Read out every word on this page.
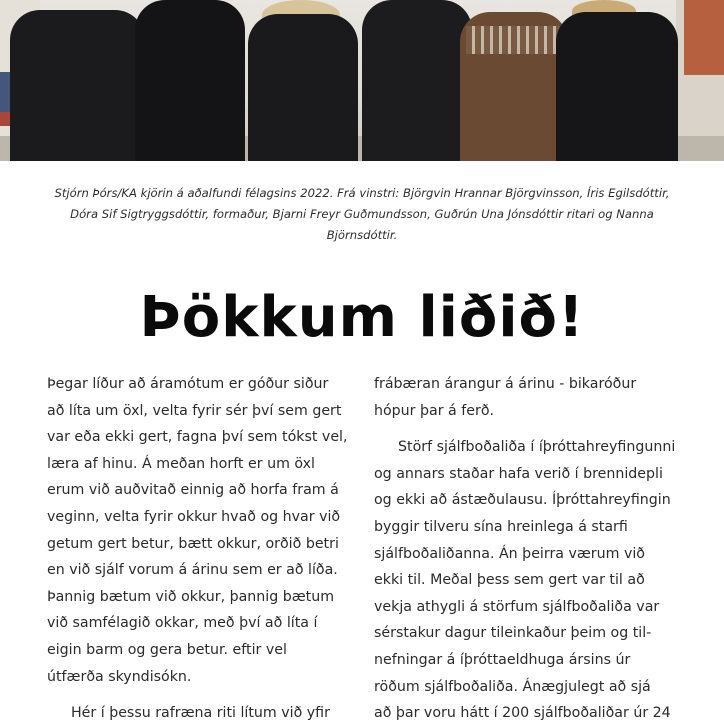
Stjórn Þórs/KA kjörin á aðalfundi félagsins 2022. Frá vinstri: Björgvin Hrannar Björgvinsson, Íris Egilsdóttir,
Dóra Sif Sigtryggsdóttir, formaður, Bjarni Freyr Guðmundsson, Guðrún Una Jónsdóttir ritari og Nanna
Björnsdóttir.
Þökkum liðið!
Þegar líður að áramótum er góður siður
að líta um öxl, velta fyrir sér því sem gert
var eða ekki gert, fagna því sem tókst vel,
læra af hinu. Á meðan horft er um öxl
erum við auðvitað einnig að horfa fram á
veginn, velta fyrir okkur hvað og hvar við
getum gert betur, bætt okkur, orðið betri
en við sjálf vorum á árinu sem er að líða.
Þannig bætum við okkur, þannig bætum
við samfélagið okkar, með því að líta í
eigin barm og gera betur. eftir vel
útfærða skyndisókn.
Hér í þessu rafræna riti lítum við yfir
frábæran árangur á árinu - bikaróður
hópur þar á ferð.
Störf sjálfboðaliða í íþróttahreyfingunni
og annars staðar hafa verið í brennidepli
og ekki að ástæðulausu. Íþróttahreyfingin
byggir tilveru sína hreinlega á starfi
sjálfboðaliðanna. Án þeirra værum við
ekki til. Meðal þess sem gert var til að
vekja athygli á störfum sjálfboðaliða var
sérstakur dagur tileinkaður þeim og til-
nefningar á íþróttaeldhuga ársins úr
röðum sjálfboðaliða. Ánægjulegt að sjá
að þar voru hátt í 200 sjálfboðaliðar úr 24
